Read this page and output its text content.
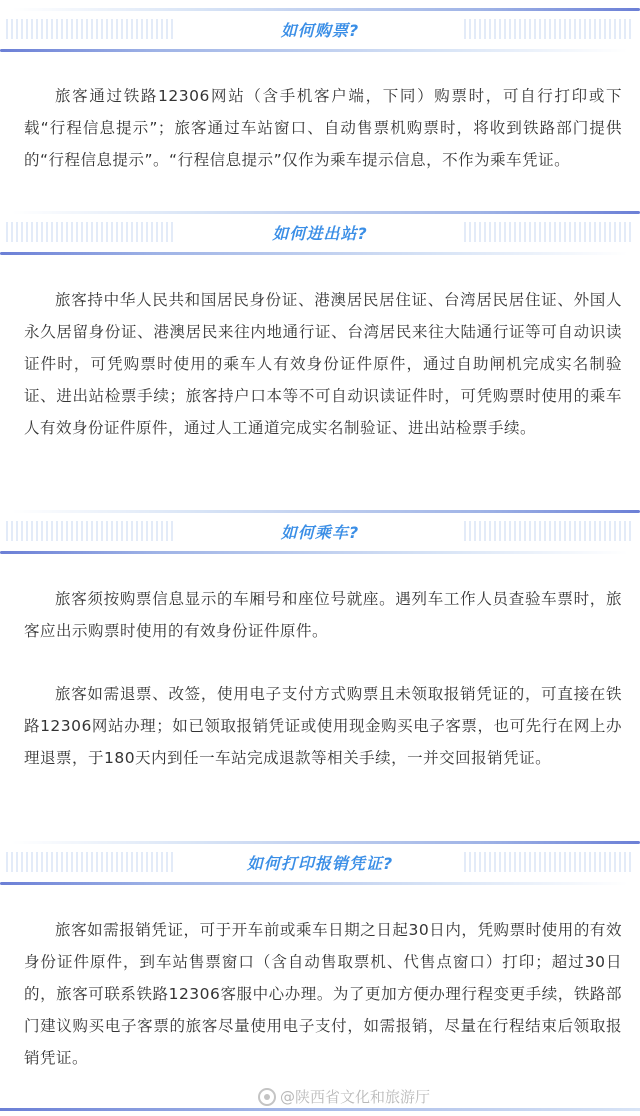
如何购票?

旅客通过铁路12306网站（含手机客户端，下同）购票时，可自行打印或下载“行程信息提示”；旅客通过车站窗口、自动售票机购票时，将收到铁路部门提供的“行程信息提示”。“行程信息提示”仅作为乘车提示信息，不作为乘车凭证。

如何进出站?

旅客持中华人民共和国居民身份证、港澳居民居住证、台湾居民居住证、外国人永久居留身份证、港澳居民来往内地通行证、台湾居民来往大陆通行证等可自动识读证件时，可凭购票时使用的乘车人有效身份证件原件，通过自助闸机完成实名制验证、进出站检票手续；旅客持户口本等不可自动识读证件时，可凭购票时使用的乘车人有效身份证件原件，通过人工通道完成实名制验证、进出站检票手续。

如何乘车?

旅客须按购票信息显示的车厢号和座位号就座。遇列车工作人员查验车票时，旅客应出示购票时使用的有效身份证件原件。

旅客如需退票、改签，使用电子支付方式购票且未领取报销凭证的，可直接在铁路12306网站办理；如已领取报销凭证或使用现金购买电子客票，也可先行在网上办理退票，于180天内到任一车站完成退款等相关手续，一并交回报销凭证。

如何打印报销凭证?

旅客如需报销凭证，可于开车前或乘车日期之日起30日内，凭购票时使用的有效身份证件原件，到车站售票窗口（含自动售取票机、代售点窗口）打印；超过30日的，旅客可联系铁路12306客服中心办理。为了更加方便办理行程变更手续，铁路部门建议购买电子客票的旅客尽量使用电子支付，如需报销，尽量在行程结束后领取报销凭证。

@陕西省文化和旅游厅
